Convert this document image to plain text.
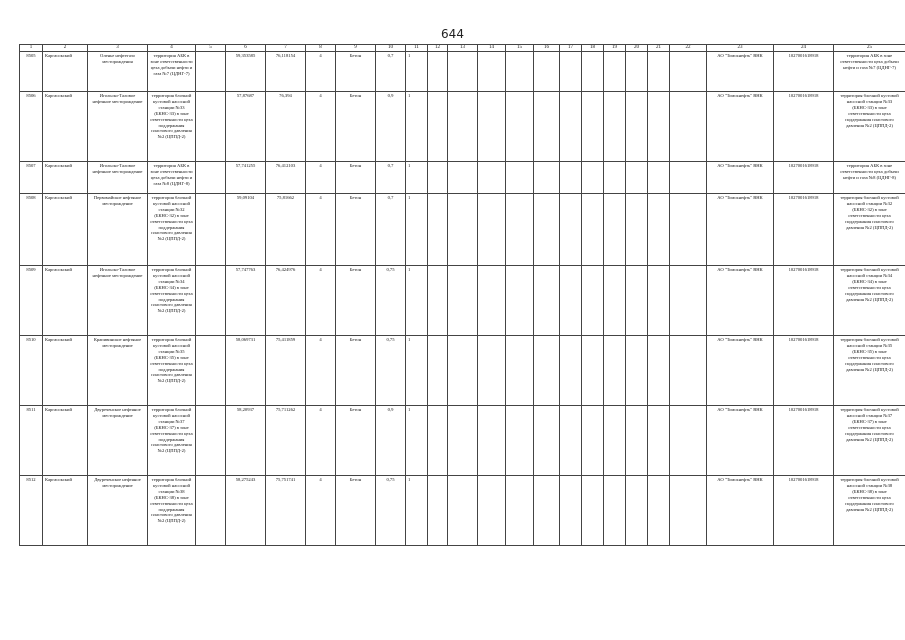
644
1	2	3	4	5	6	7	8	9	10	11	12	13	14	15	16	17	18	19	20	21	22	23	24	25
8505	Каргасокский	Оленье нефтегазо месторождения	территория АБК в зоне ответственности цеха добычи нефти и газа №7 (ЦДНГ-7)		59,353585	76,118154	4	Бетон	0,7	1												АО "Томскнефть" ВНК	1027001618918	территория АБК в зоне ответственности цеха добычи нефти и газа №7 (ЦДНГ-7)
8506	Каргасокский	Игольско-Таловое нефтяное месторождение	территория блочной кустовой насосной станции №33 (БКНС-33) в зоне ответственности цеха поддержания пластового давления №2 (ЦППД-2)		57,87687	76,394	4	Бетон	0,9	1												АО "Томскнефть" ВНК	1027001618918	территория блочной кустовой насосной станции №33 (БКНС-33) в зоне ответственности цеха поддержания пластового давления №2 (ЦППД-2)
8507	Каргасокский	Игольско-Таловое нефтяное месторождение	территория АБК в зоне ответственности цеха добычи нефти и газа №8 (ЦДНГ-8)		57,741255	76,412103	4	Бетон	0,7	1												АО "Томскнефть" ВНК	1027001618918	территория АБК в зоне ответственности цеха добычи нефти и газа №8 (ЦДНГ-8)
8508	Каргасокский	Первомайское нефтяное месторождение	территория блочной кустовой насосной станции №32 (БКНС-32) в зоне ответственности цеха поддержания пластового давления №2 (ЦППД-2)		59,09104	75,81662	4	Бетон	0,7	1												АО "Томскнефть" ВНК	1027001618918	территория блочной кустовой насосной станции №32 (БКНС-32) в зоне ответственности цеха поддержания пластового давления №2 (ЦППД-2)
8509	Каргасокский	Игольско-Таловое нефтяное месторождение	территория блочной кустовой насосной станции №34 (БКНС-34) в зоне ответственности цеха поддержания пластового давления №2 (ЦППД-2)		57,747763	76,424976	4	Бетон	0,75	1												АО "Томскнефть" ВНК	1027001618918	территория блочной кустовой насосной станции №34 (БКНС-34) в зоне ответственности цеха поддержания пластового давления №2 (ЦППД-2)
8510	Каргасокский	Крапивинское нефтяное месторождение	территория блочной кустовой насосной станции №35 (БКНС-35) в зоне ответственности цеха поддержания пластового давления №2 (ЦППД-2)		58,069731	75,411859	4	Бетон	0,75	1												АО "Томскнефть" ВНК	1027001618918	территория блочной кустовой насосной станции №35 (БКНС-35) в зоне ответственности цеха поддержания пластового давления №2 (ЦППД-2)
8511	Каргасокский	Двуреченское нефтяное месторождение	территория блочной кустовой насосной станции №37 (БКНС-37) в зоне ответственности цеха поддержания пластового давления №2 (ЦППД-2)		58,20937	75,711262	4	Бетон	0,9	1												АО "Томскнефть" ВНК	1027001618918	территория блочной кустовой насосной станции №37 (БКНС-37) в зоне ответственности цеха поддержания пластового давления №2 (ЦППД-2)
8512	Каргасокский	Двуреченское нефтяное месторождение	территория блочной кустовой насосной станции №38 (БКНС-38) в зоне ответственности цеха поддержания пластового давления №2 (ЦППД-2)		58,275243	75,751741	4	Бетон	0,75	1												АО "Томскнефть" ВНК	1027001618918	территория блочной кустовой насосной станции №38 (БКНС-38) в зоне ответственности цеха поддержания пластового давления №2 (ЦППД-2)
